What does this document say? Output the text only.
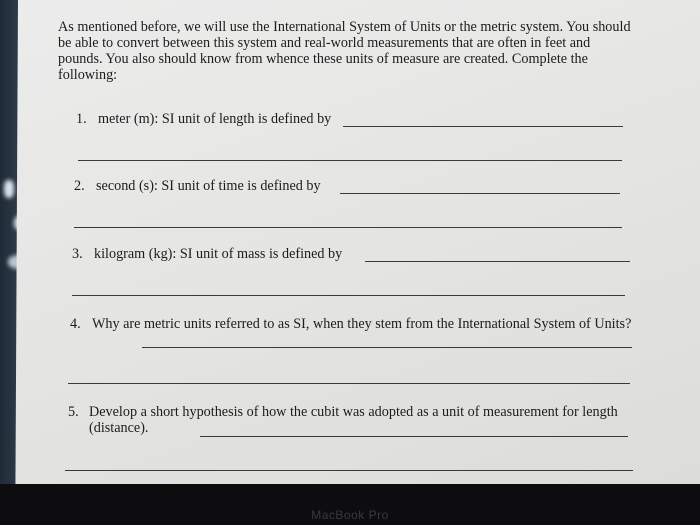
As mentioned before, we will use the International System of Units or the metric system. You should be able to convert between this system and real-world measurements that are often in feet and pounds. You also should know from whence these units of measure are created. Complete the following:
1. meter (m): SI unit of length is defined by
2. second (s): SI unit of time is defined by
3. kilogram (kg): SI unit of mass is defined by
4. Why are metric units referred to as SI, when they stem from the International System of Units?
5. Develop a short hypothesis of how the cubit was adopted as a unit of measurement for length (distance).
MacBook Pro
